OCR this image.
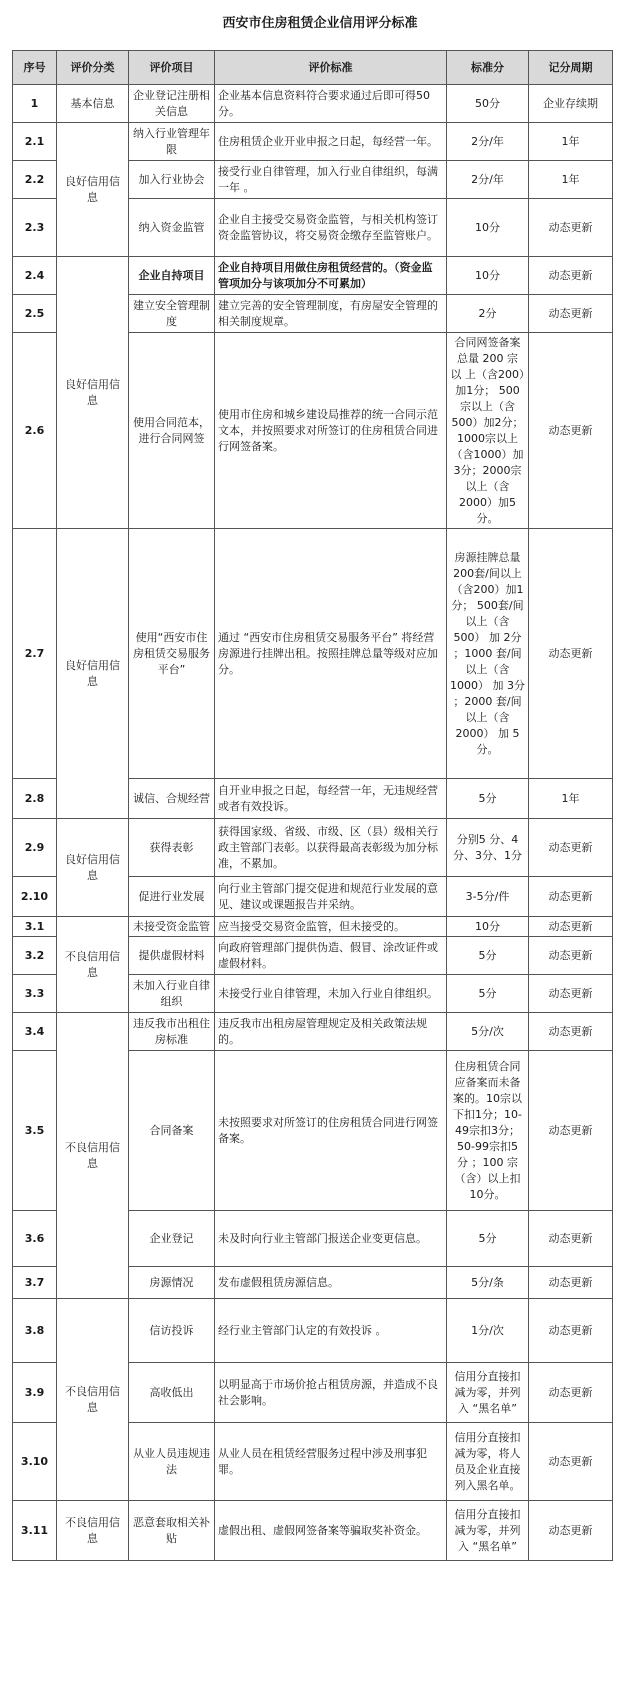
西安市住房租赁企业信用评分标准
序号	评价分类	评价项目	评价标准	标准分	记分周期
1	基本信息	企业登记注册相关信息	企业基本信息资料符合要求通过后即可得50分。	50分	企业存续期
2.1	良好信用信息	纳入行业管理年限	住房租赁企业开业申报之日起，每经营一年。	2分/年	1年
2.2		加入行业协会	接受行业自律管理，加入行业自律组织，每满一年 。	2分/年	1年
2.3		纳入资金监管	企业自主接受交易资金监管，与相关机构签订资金监管协议，将交易资金缴存至监管账户。	10分	动态更新
2.4	良好信用信息	企业自持项目	企业自持项目用做住房租赁经营的。（资金监管项加分与该项加分不可累加）	10分	动态更新
2.5		建立安全管理制度	建立完善的安全管理制度，有房屋安全管理的相关制度规章。	2分	动态更新
2.6		使用合同范本，进行合同网签	使用市住房和城乡建设局推荐的统一合同示范文本，并按照要求对所签订的住房租赁合同进行网签备案。	合同网签备案总量 200 宗 以 上（含200）加1分； 500宗以上（含500）加2分；1000宗以上（含1000）加3分；2000宗以上（含2000）加5分。	动态更新
2.7	良好信用信息	使用“西安市住房租赁交易服务平台”	通过 “西安市住房租赁交易服务平台” 将经营房源进行挂牌出租。按照挂牌总量等级对应加分。	房源挂牌总量200套/间以上（含200）加1分； 500套/间以上（含500） 加 2分 ；1000 套/间以上（含1000） 加 3分 ；2000 套/间以上（含2000） 加 5分。	动态更新
2.8		诚信、合规经营	自开业申报之日起，每经营一年，无违规经营或者有效投诉。	5分	1年
2.9	良好信用信息	获得表彰	获得国家级、省级、市级、区（县）级相关行政主管部门表彰。以获得最高表彰级为加分标准，不累加。	分别5 分、4分、3分、1分	动态更新
2.10		促进行业发展	向行业主管部门提交促进和规范行业发展的意见、建议或课题报告并采纳。	3-5分/件	动态更新
3.1	不良信用信息	未接受资金监管	应当接受交易资金监管，但未接受的。	10分	动态更新
3.2		提供虚假材料	向政府管理部门提供伪造、假冒、涂改证件或虚假材料。	5分	动态更新
3.3		未加入行业自律组织	未接受行业自律管理，未加入行业自律组织。	5分	动态更新
3.4	不良信用信息	违反我市出租住房标准	违反我市出租房屋管理规定及相关政策法规的。	5分/次	动态更新
3.5		合同备案	未按照要求对所签订的住房租赁合同进行网签备案。	住房租赁合同应备案而未备案的。10宗以下扣1分；10-49宗扣3分；50-99宗扣5 分 ；100 宗（含）以上扣10分。	动态更新
3.6		企业登记	未及时向行业主管部门报送企业变更信息。	5分	动态更新
3.7		房源情况	发布虚假租赁房源信息。	5分/条	动态更新
3.8	不良信用信息	信访投诉	经行业主管部门认定的有效投诉 。	1分/次	动态更新
3.9		高收低出	以明显高于市场价抢占租赁房源，并造成不良社会影响。	信用分直接扣减为零，并列入 “黑名单”	动态更新
3.10		从业人员违规违法	从业人员在租赁经营服务过程中涉及刑事犯罪。	信用分直接扣减为零，将人员及企业直接列入黑名单。	动态更新
3.11	不良信用信息	恶意套取相关补贴	虚假出租、虚假网签备案等骗取奖补资金。	信用分直接扣减为零，并列入 “黑名单”	动态更新
